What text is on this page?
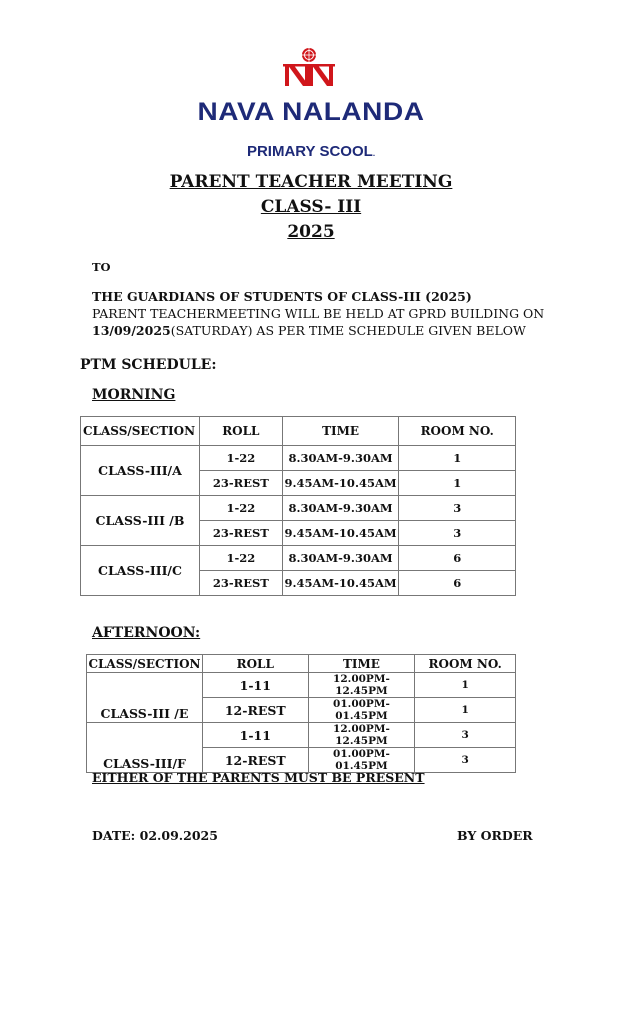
NAVA NALANDA
PRIMARY SCOOL.
PARENT TEACHER MEETING
CLASS- III
2025
TO
THE GUARDIANS OF STUDENTS OF CLASS-III (2025)
PARENT TEACHERMEETING WILL BE HELD AT GPRD BUILDING ON
13/09/2025(SATURDAY) AS PER TIME SCHEDULE GIVEN BELOW
PTM SCHEDULE:
MORNING
CLASS/SECTION	ROLL	TIME	ROOM NO.
CLASS-III/A	1-22	8.30AM-9.30AM	1
	23-REST	9.45AM-10.45AM	1
CLASS-III /B	1-22	8.30AM-9.30AM	3
	23-REST	9.45AM-10.45AM	3
CLASS-III/C	1-22	8.30AM-9.30AM	6
	23-REST	9.45AM-10.45AM	6
AFTERNOON:
CLASS/SECTION	ROLL	TIME	ROOM NO.
CLASS-III /E	1-11	12.00PM-12.45PM	1
	12-REST	01.00PM-01.45PM	1
CLASS-III/F	1-11	12.00PM-12.45PM	3
	12-REST	01.00PM-01.45PM	3
EITHER OF THE PARENTS MUST BE PRESENT
DATE: 02.09.2025	BY ORDER
